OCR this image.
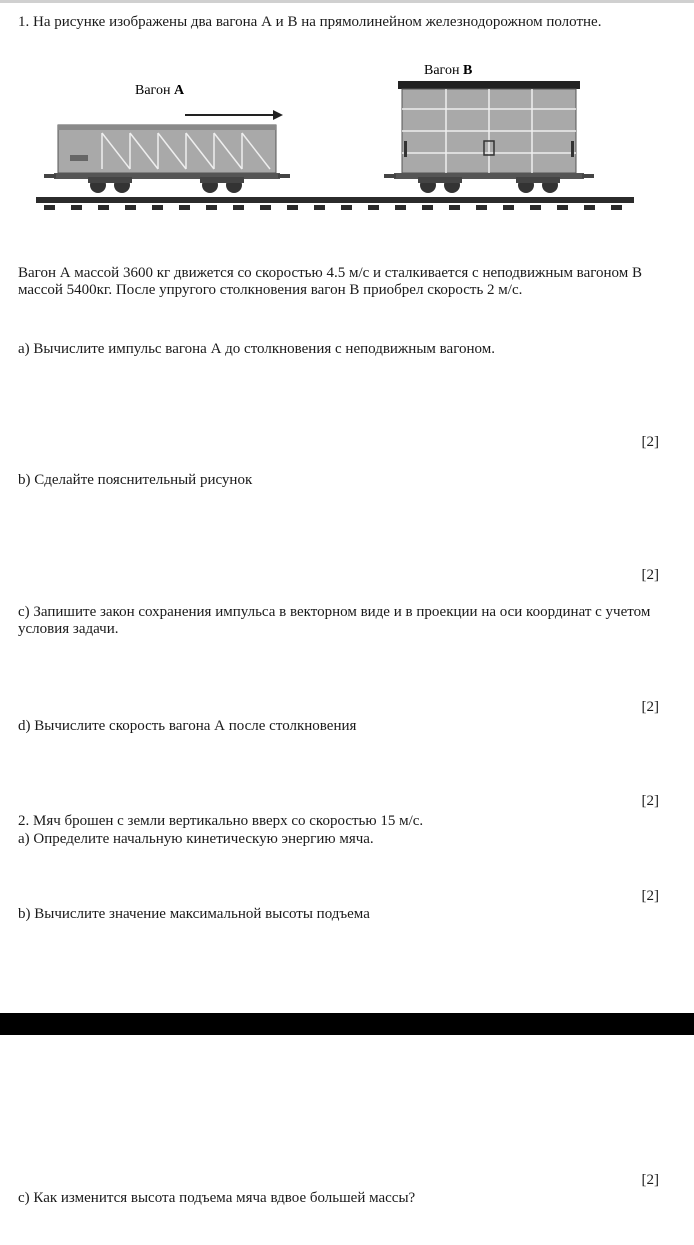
1. На рисунке изображены два вагона А и В на прямолинейном железнодорожном полотне.

Вагон А
Вагон В

Вагон А массой 3600 кг движется со скоростью 4.5 м/с и сталкивается с неподвижным вагоном В массой 5400кг. После упругого столкновения вагон В приобрел скорость 2 м/с.

а) Вычислите импульс вагона А до столкновения с неподвижным вагоном.

[2]

b) Сделайте пояснительный рисунок

[2]

с) Запишите закон сохранения импульса в векторном виде и в проекции на оси координат с учетом условия задачи.

[2]

d) Вычислите скорость вагона А после столкновения

[2]

2. Мяч брошен с земли вертикально вверх со скоростью 15 м/с.

а) Определите начальную кинетическую энергию мяча.

[2]

b) Вычислите значение максимальной высоты подъема

[2]

с) Как изменится высота подъема мяча вдвое большей массы?
